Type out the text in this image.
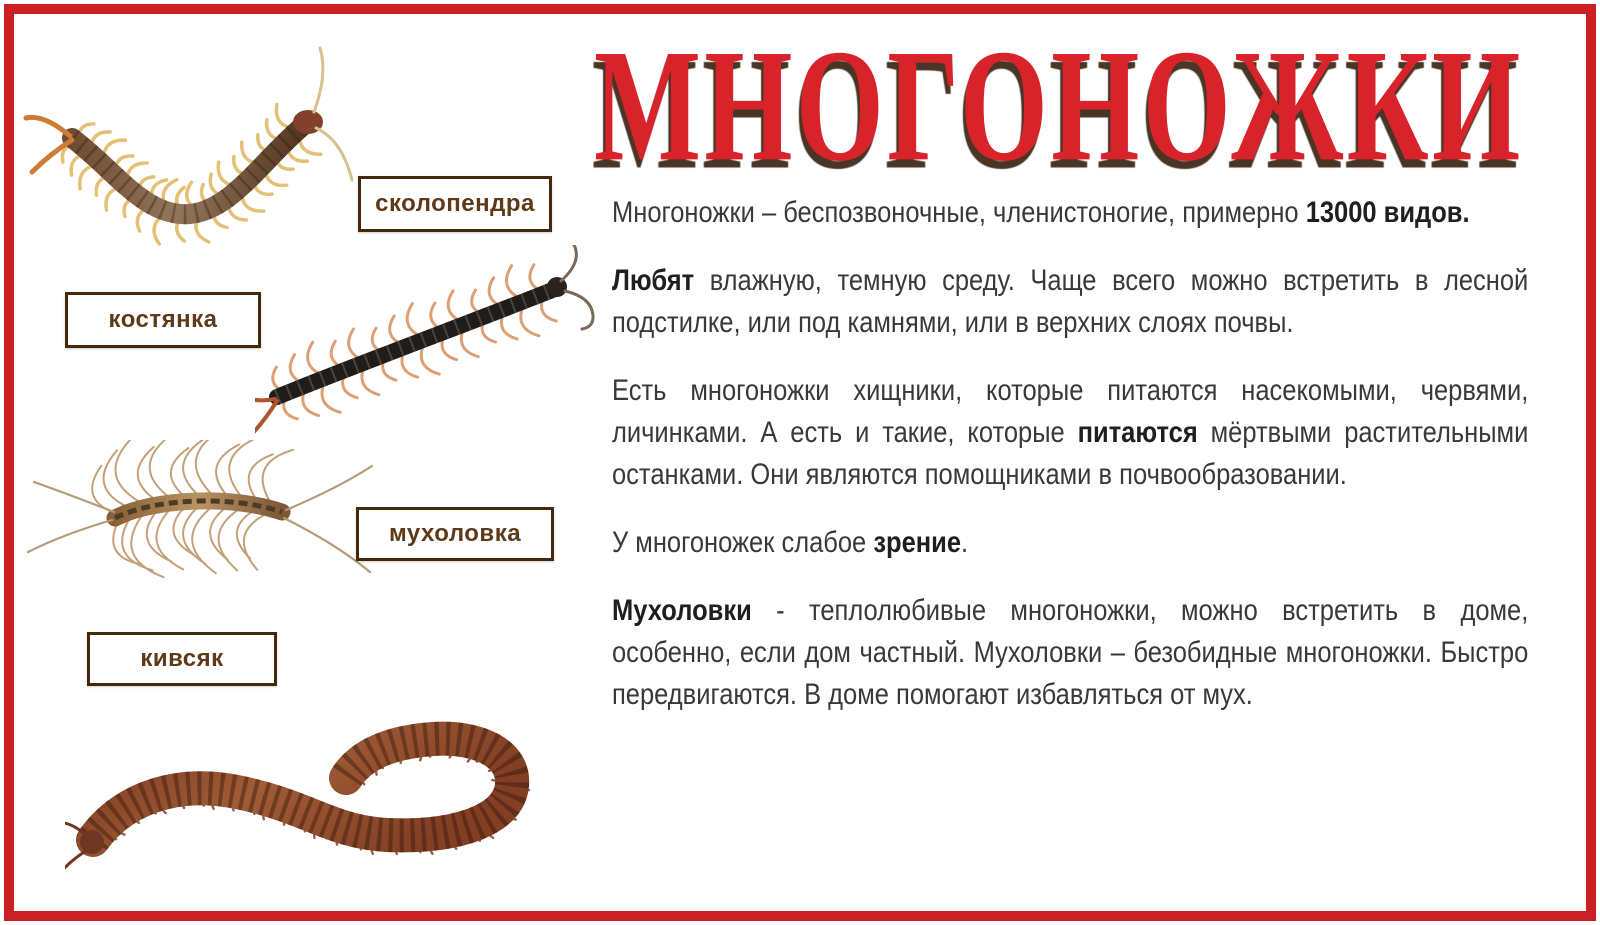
МНОГОНОЖКИ

Многоножки – беспозвоночные, членистоногие, примерно 13000 видов.

Любят влажную, темную среду. Чаще всего можно встретить в лесной подстилке, или под камнями, или в верхних слоях почвы.

Есть многоножки хищники, которые питаются насекомыми, червями, личинками. А есть и такие, которые питаются мёртвыми растительными останками. Они являются помощниками в почвообразовании.

У многоножек слабое зрение.

Мухоловки - теплолюбивые многоножки, можно встретить в доме, особенно, если дом частный. Мухоловки – безобидные многоножки. Быстро передвигаются. В доме помогают избавляться от мух.

сколопендра
костянка
мухоловка
кивсяк
